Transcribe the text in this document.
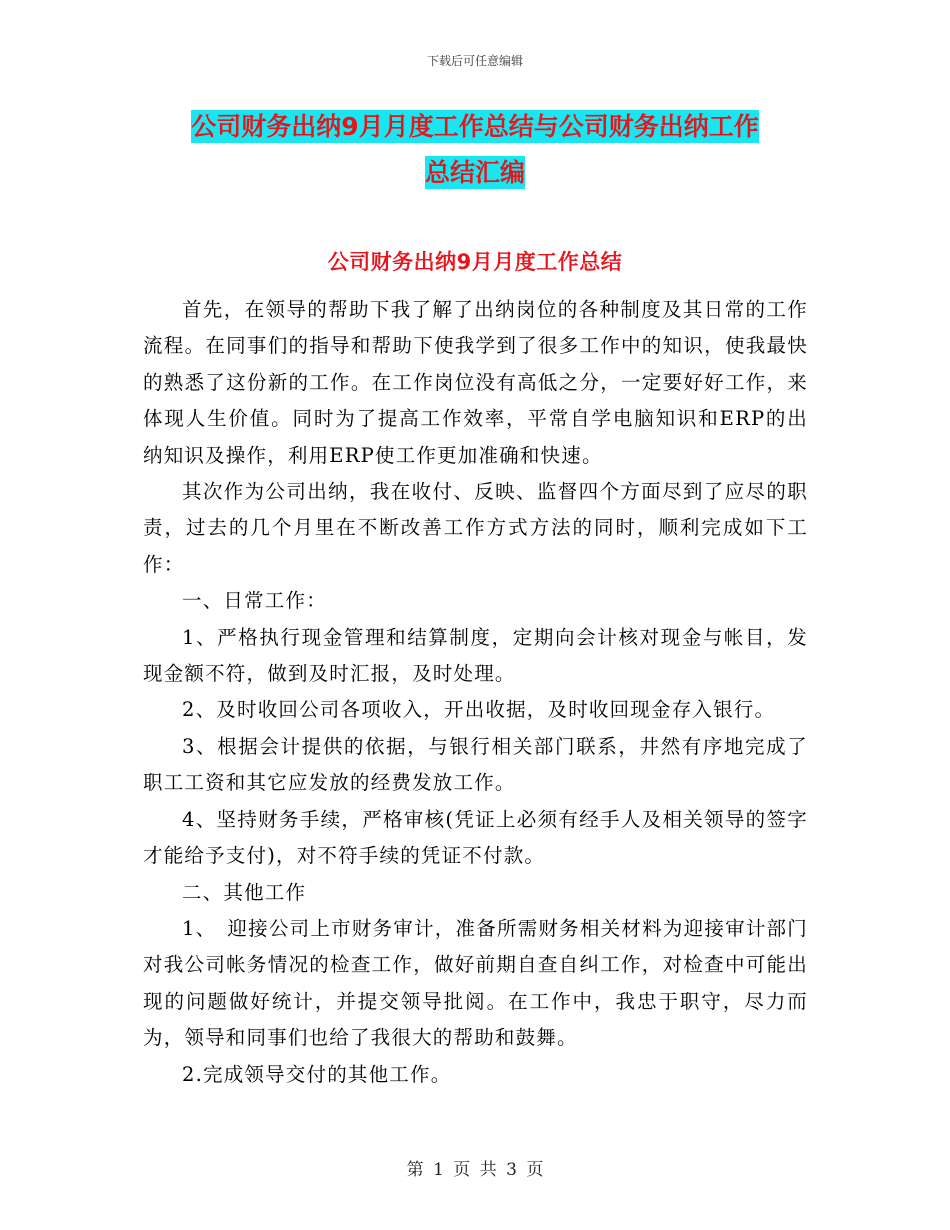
下载后可任意编辑
公司财务出纳9月月度工作总结与公司财务出纳工作
总结汇编
公司财务出纳9月月度工作总结

首先，在领导的帮助下我了解了出纳岗位的各种制度及其日常的工作流程。在同事们的指导和帮助下使我学到了很多工作中的知识，使我最快的熟悉了这份新的工作。在工作岗位没有高低之分，一定要好好工作，来体现人生价值。同时为了提高工作效率，平常自学电脑知识和ERP的出纳知识及操作，利用ERP使工作更加准确和快速。

其次作为公司出纳，我在收付、反映、监督四个方面尽到了应尽的职责，过去的几个月里在不断改善工作方式方法的同时，顺利完成如下工作：

一、日常工作：

1、严格执行现金管理和结算制度，定期向会计核对现金与帐目，发现金额不符，做到及时汇报，及时处理。

2、及时收回公司各项收入，开出收据，及时收回现金存入银行。

3、根据会计提供的依据，与银行相关部门联系，井然有序地完成了职工工资和其它应发放的经费发放工作。

4、坚持财务手续，严格审核(凭证上必须有经手人及相关领导的签字才能给予支付)，对不符手续的凭证不付款。

二、其他工作

1、　迎接公司上市财务审计，准备所需财务相关材料为迎接审计部门对我公司帐务情况的检查工作，做好前期自查自纠工作，对检查中可能出现的问题做好统计，并提交领导批阅。在工作中，我忠于职守，尽力而为，领导和同事们也给了我很大的帮助和鼓舞。

2.完成领导交付的其他工作。

第 1 页 共 3 页
